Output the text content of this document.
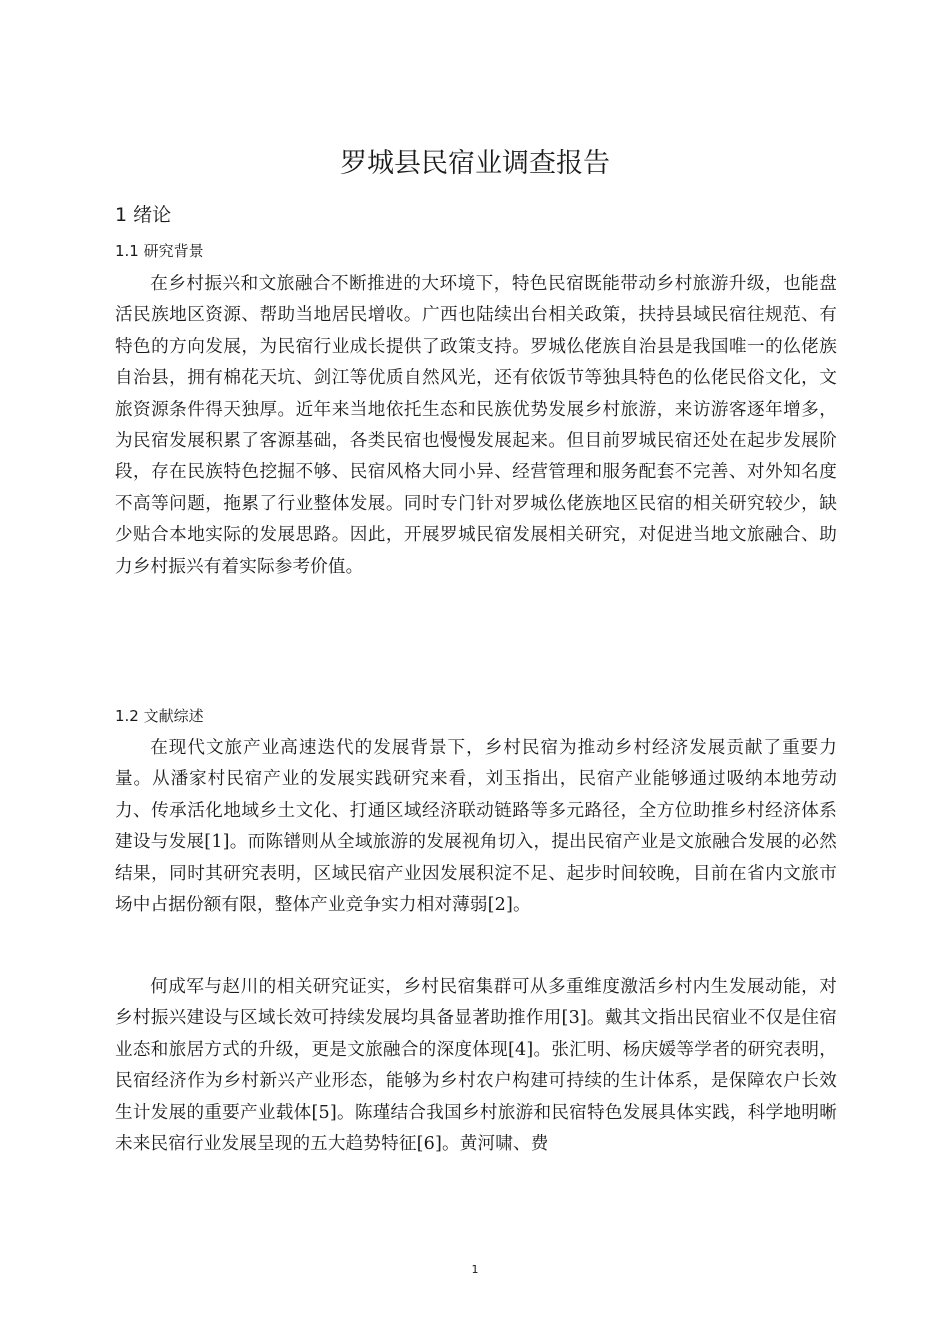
罗城县民宿业调查报告
1 绪论
1.1 研究背景

在乡村振兴和文旅融合不断推进的大环境下，特色民宿既能带动乡村旅游升级，也能盘活民族地区资源、帮助当地居民增收。广西也陆续出台相关政策，扶持县域民宿往规范、有特色的方向发展，为民宿行业成长提供了政策支持。罗城仫佬族自治县是我国唯一的仫佬族自治县，拥有棉花天坑、剑江等优质自然风光，还有依饭节等独具特色的仫佬民俗文化，文旅资源条件得天独厚。近年来当地依托生态和民族优势发展乡村旅游，来访游客逐年增多，为民宿发展积累了客源基础，各类民宿也慢慢发展起来。但目前罗城民宿还处在起步发展阶段，存在民族特色挖掘不够、民宿风格大同小异、经营管理和服务配套不完善、对外知名度不高等问题，拖累了行业整体发展。同时专门针对罗城仫佬族地区民宿的相关研究较少，缺少贴合本地实际的发展思路。因此，开展罗城民宿发展相关研究，对促进当地文旅融合、助力乡村振兴有着实际参考价值。

1.2 文献综述

在现代文旅产业高速迭代的发展背景下，乡村民宿为推动乡村经济发展贡献了重要力量。从潘家村民宿产业的发展实践研究来看，刘玉指出，民宿产业能够通过吸纳本地劳动力、传承活化地域乡土文化、打通区域经济联动链路等多元路径，全方位助推乡村经济体系建设与发展[1]。而陈镨则从全域旅游的发展视角切入，提出民宿产业是文旅融合发展的必然结果，同时其研究表明，区域民宿产业因发展积淀不足、起步时间较晚，目前在省内文旅市场中占据份额有限，整体产业竞争实力相对薄弱[2]。

何成军与赵川的相关研究证实，乡村民宿集群可从多重维度激活乡村内生发展动能，对乡村振兴建设与区域长效可持续发展均具备显著助推作用[3]。戴其文指出民宿业不仅是住宿业态和旅居方式的升级，更是文旅融合的深度体现[4]。张汇明、杨庆媛等学者的研究表明，民宿经济作为乡村新兴产业形态，能够为乡村农户构建可持续的生计体系，是保障农户长效生计发展的重要产业载体[5]。陈瑾结合我国乡村旅游和民宿特色发展具体实践，科学地明晰未来民宿行业发展呈现的五大趋势特征[6]。黄河啸、费

1
